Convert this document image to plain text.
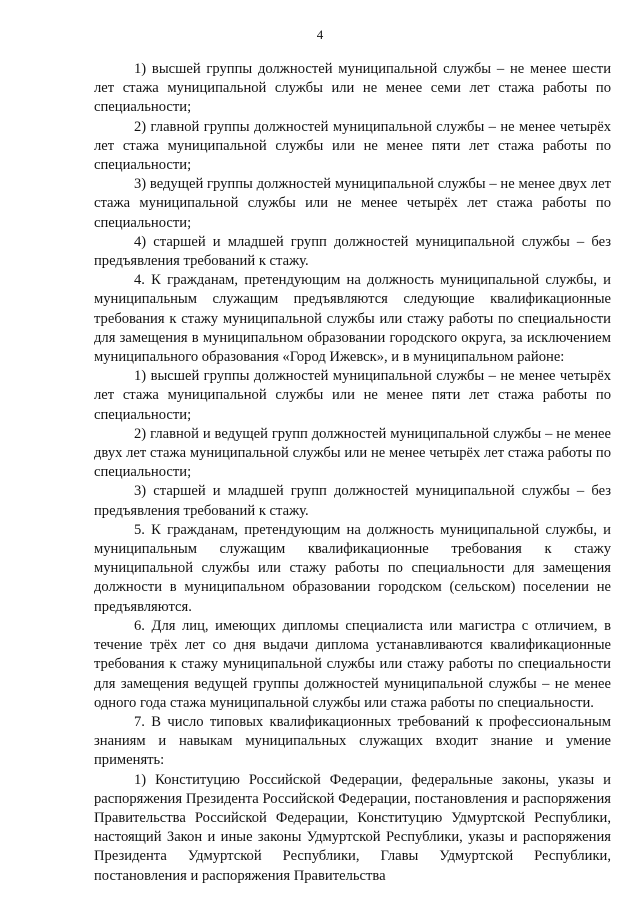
4

1) высшей группы должностей муниципальной службы – не менее шести лет стажа муниципальной службы или не менее семи лет стажа работы по специальности;

2) главной группы должностей муниципальной службы – не менее четырёх лет стажа муниципальной службы или не менее пяти лет стажа работы по специальности;

3) ведущей группы должностей муниципальной службы – не менее двух лет стажа муниципальной службы или не менее четырёх лет стажа работы по специальности;

4) старшей и младшей групп должностей муниципальной службы – без предъявления требований к стажу.

4. К гражданам, претендующим на должность муниципальной службы, и муниципальным служащим предъявляются следующие квалификационные требования к стажу муниципальной службы или стажу работы по специальности для замещения в муниципальном образовании городского округа, за исключением муниципального образования «Город Ижевск», и в муниципальном районе:

1) высшей группы должностей муниципальной службы – не менее четырёх лет стажа муниципальной службы или не менее пяти лет стажа работы по специальности;

2) главной и ведущей групп должностей муниципальной службы – не менее двух лет стажа муниципальной службы или не менее четырёх лет стажа работы по специальности;

3) старшей и младшей групп должностей муниципальной службы – без предъявления требований к стажу.

5. К гражданам, претендующим на должность муниципальной службы, и муниципальным служащим квалификационные требования к стажу муниципальной службы или стажу работы по специальности для замещения должности в муниципальном образовании городском (сельском) поселении не предъявляются.

6. Для лиц, имеющих дипломы специалиста или магистра с отличием, в течение трёх лет со дня выдачи диплома устанавливаются квалификационные требования к стажу муниципальной службы или стажу работы по специальности для замещения ведущей группы должностей муниципальной службы – не менее одного года стажа муниципальной службы или стажа работы по специальности.

7. В число типовых квалификационных требований к профессиональным знаниям и навыкам муниципальных служащих входит знание и умение применять:

1) Конституцию Российской Федерации, федеральные законы, указы и распоряжения Президента Российской Федерации, постановления и распоряжения Правительства Российской Федерации, Конституцию Удмуртской Республики, настоящий Закон и иные законы Удмуртской Республики, указы и распоряжения Президента Удмуртской Республики, Главы Удмуртской Республики, постановления и распоряжения Правительства
